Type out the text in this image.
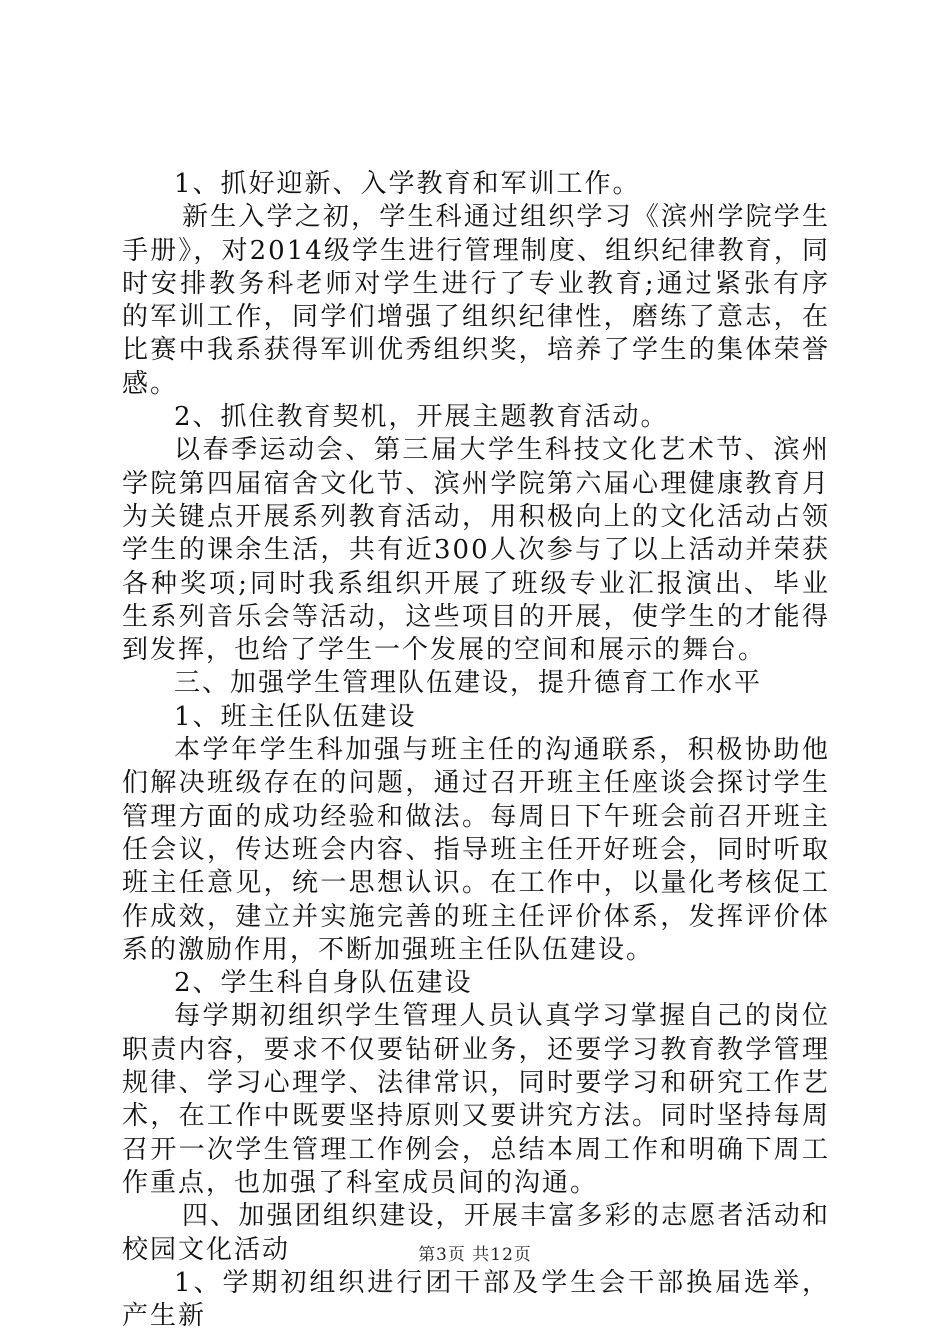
1、抓好迎新、入学教育和军训工作。

新生入学之初，学生科通过组织学习《滨州学院学生手册》，对2014级学生进行管理制度、组织纪律教育，同时安排教务科老师对学生进行了专业教育;通过紧张有序的军训工作，同学们增强了组织纪律性，磨练了意志，在比赛中我系获得军训优秀组织奖，培养了学生的集体荣誉感。

2、抓住教育契机，开展主题教育活动。

以春季运动会、第三届大学生科技文化艺术节、滨州学院第四届宿舍文化节、滨州学院第六届心理健康教育月为关键点开展系列教育活动，用积极向上的文化活动占领学生的课余生活，共有近300人次参与了以上活动并荣获各种奖项;同时我系组织开展了班级专业汇报演出、毕业生系列音乐会等活动，这些项目的开展，使学生的才能得到发挥，也给了学生一个发展的空间和展示的舞台。

三、加强学生管理队伍建设，提升德育工作水平

1、班主任队伍建设

本学年学生科加强与班主任的沟通联系，积极协助他们解决班级存在的问题，通过召开班主任座谈会探讨学生管理方面的成功经验和做法。每周日下午班会前召开班主任会议，传达班会内容、指导班主任开好班会，同时听取班主任意见，统一思想认识。在工作中，以量化考核促工作成效，建立并实施完善的班主任评价体系，发挥评价体系的激励作用，不断加强班主任队伍建设。

2、学生科自身队伍建设

每学期初组织学生管理人员认真学习掌握自己的岗位职责内容，要求不仅要钻研业务，还要学习教育教学管理规律、学习心理学、法律常识，同时要学习和研究工作艺术，在工作中既要坚持原则又要讲究方法。同时坚持每周召开一次学生管理工作例会，总结本周工作和明确下周工作重点，也加强了科室成员间的沟通。

四、加强团组织建设，开展丰富多彩的志愿者活动和校园文化活动

1、学期初组织进行团干部及学生会干部换届选举，产生新

第3页 共12页
